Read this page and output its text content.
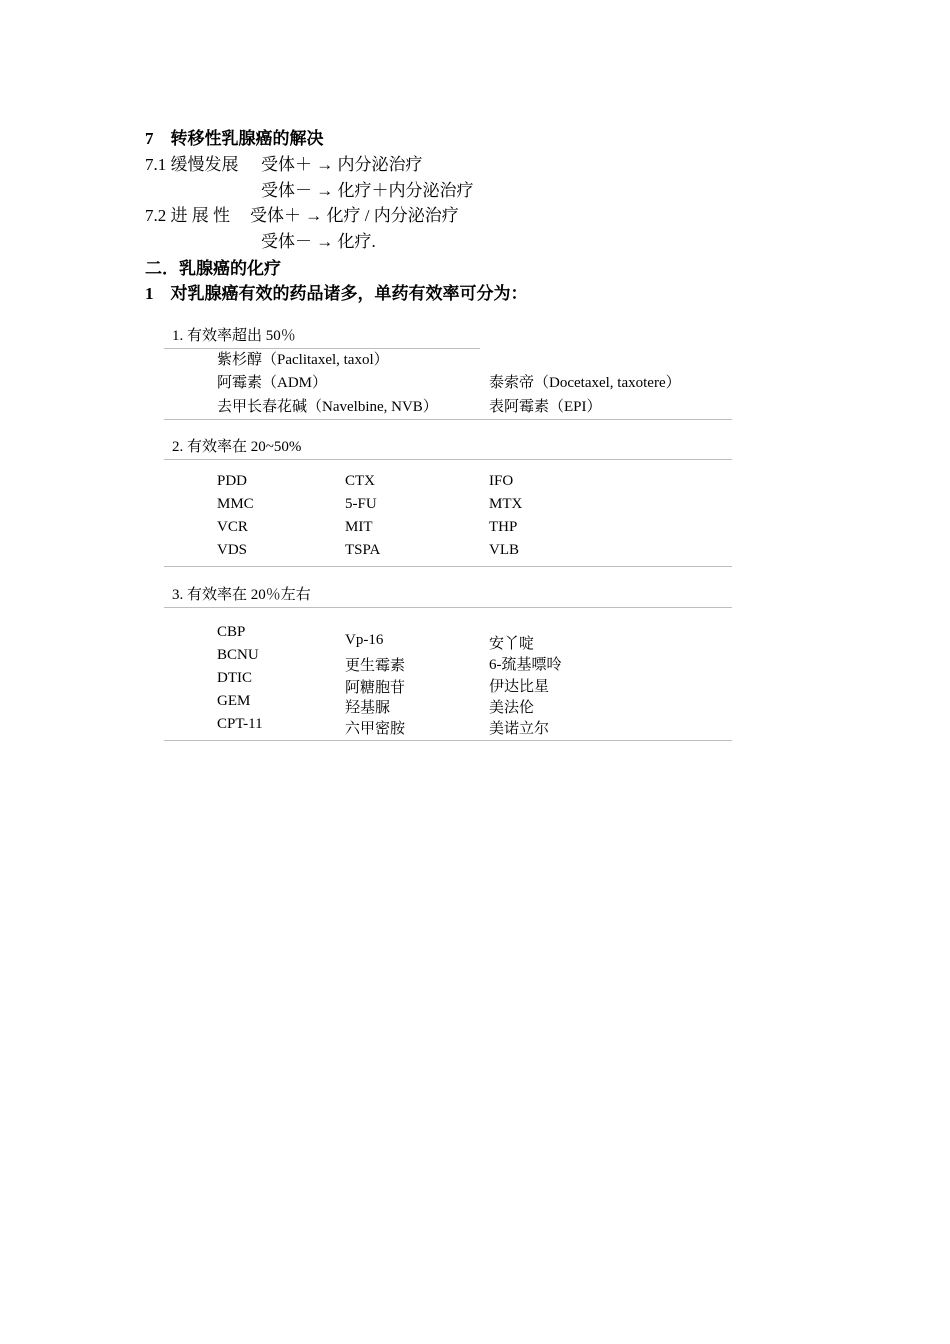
7　转移性乳腺癌的解决
7.1 缓慢发展 受体＋ → 内分泌治疗
受体－ → 化疗＋内分泌治疗
7.2 进 展 性 受体＋ → 化疗 / 内分泌治疗
受体－ → 化疗.
二．乳腺癌的化疗
1　对乳腺癌有效的药品诸多，单药有效率可分为：
1. 有效率超出 50％
紫杉醇（Paclitaxel, taxol）
阿霉素（ADM）
去甲长春花碱（Navelbine, NVB）
泰索帝（Docetaxel, taxotere）
表阿霉素（EPI）
2. 有效率在 20~50%
PDD
MMC
VCR
VDS
CTX
5-FU
MIT
TSPA
IFO
MTX
THP
VLB
3. 有效率在 20％左右
CBP
BCNU
DTIC
GEM
CPT-11
Vp-16
更生霉素
阿糖胞苷
羟基脲
六甲密胺
安丫啶
6-巯基嘌呤
伊达比星
美法伦
美诺立尔
